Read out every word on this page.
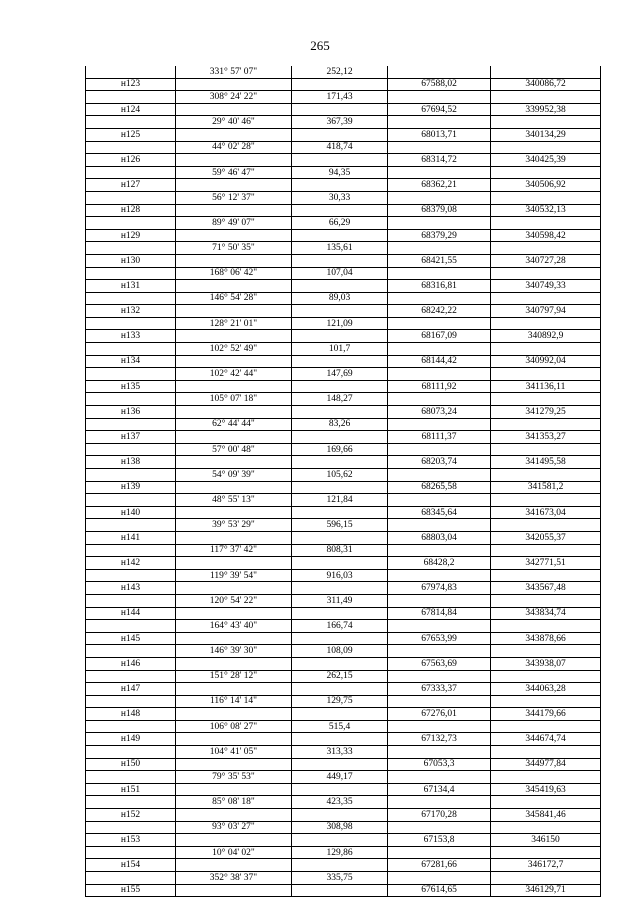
265
	331° 57' 07"	252,12		
н123			67588,02	340086,72
	308° 24' 22"	171,43		
н124			67694,52	339952,38
	29° 40' 46"	367,39		
н125			68013,71	340134,29
	44° 02' 28"	418,74		
н126			68314,72	340425,39
	59° 46' 47"	94,35		
н127			68362,21	340506,92
	56° 12' 37"	30,33		
н128			68379,08	340532,13
	89° 49' 07"	66,29		
н129			68379,29	340598,42
	71° 50' 35"	135,61		
н130			68421,55	340727,28
	168° 06' 42"	107,04		
н131			68316,81	340749,33
	146° 54' 28"	89,03		
н132			68242,22	340797,94
	128° 21' 01"	121,09		
н133			68167,09	340892,9
	102° 52' 49"	101,7		
н134			68144,42	340992,04
	102° 42' 44"	147,69		
н135			68111,92	341136,11
	105° 07' 18"	148,27		
н136			68073,24	341279,25
	62° 44' 44"	83,26		
н137			68111,37	341353,27
	57° 00' 48"	169,66		
н138			68203,74	341495,58
	54° 09' 39"	105,62		
н139			68265,58	341581,2
	48° 55' 13"	121,84		
н140			68345,64	341673,04
	39° 53' 29"	596,15		
н141			68803,04	342055,37
	117° 37' 42"	808,31		
н142			68428,2	342771,51
	119° 39' 54"	916,03		
н143			67974,83	343567,48
	120° 54' 22"	311,49		
н144			67814,84	343834,74
	164° 43' 40"	166,74		
н145			67653,99	343878,66
	146° 39' 30"	108,09		
н146			67563,69	343938,07
	151° 28' 12"	262,15		
н147			67333,37	344063,28
	116° 14' 14"	129,75		
н148			67276,01	344179,66
	106° 08' 27"	515,4		
н149			67132,73	344674,74
	104° 41' 05"	313,33		
н150			67053,3	344977,84
	79° 35' 53"	449,17		
н151			67134,4	345419,63
	85° 08' 18"	423,35		
н152			67170,28	345841,46
	93° 03' 27"	308,98		
н153			67153,8	346150
	10° 04' 02"	129,86		
н154			67281,66	346172,7
	352° 38' 37"	335,75		
н155			67614,65	346129,71
